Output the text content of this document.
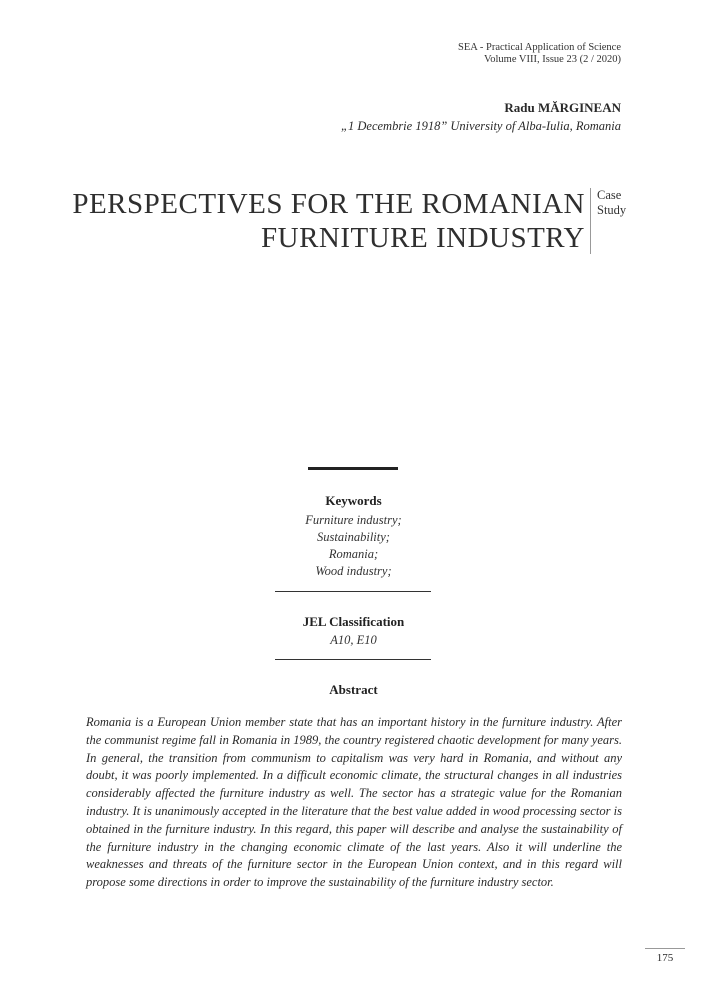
SEA - Practical Application of Science
Volume VIII, Issue 23 (2 / 2020)
Radu MĂRGINEAN
„1 Decembrie 1918” University of Alba-Iulia, Romania
PERSPECTIVES FOR THE ROMANIAN
FURNITURE INDUSTRY
Case
Study
Keywords
Furniture industry;
Sustainability;
Romania;
Wood industry;
JEL Classification
A10, E10
Abstract
Romania is a European Union member state that has an important history in the furniture industry. After the communist regime fall in Romania in 1989, the country registered chaotic development for many years. In general, the transition from communism to capitalism was very hard in Romania, and without any doubt, it was poorly implemented. In a difficult economic climate, the structural changes in all industries considerably affected the furniture industry as well. The sector has a strategic value for the Romanian industry. It is unanimously accepted in the literature that the best value added in wood processing sector is obtained in the furniture industry. In this regard, this paper will describe and analyse the sustainability of the furniture industry in the changing economic climate of the last years. Also it will underline the weaknesses and threats of the furniture sector in the European Union context, and in this regard will propose some directions in order to improve the sustainability of the furniture industry sector.
175
